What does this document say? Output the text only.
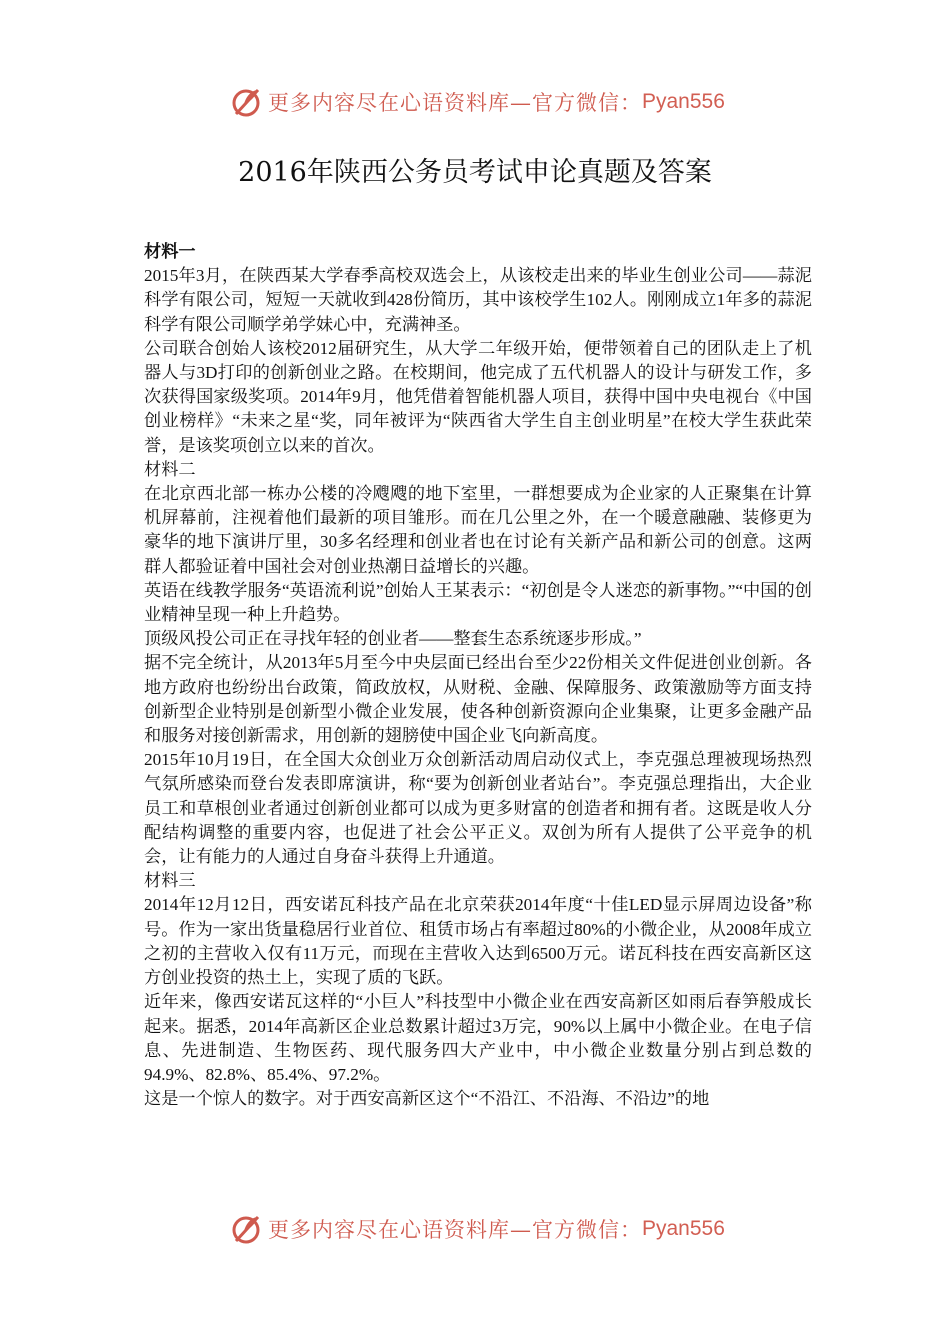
更多内容尽在心语资料库—官方微信： Pyan556
2016年陕西公务员考试申论真题及答案

材料一

2015年3月，在陕西某大学春季高校双选会上，从该校走出来的毕业生创业公司——蒜泥科学有限公司，短短一天就收到428份简历，其中该校学生102人。刚刚成立1年多的蒜泥科学有限公司顺学弟学妹心中，充满神圣。

公司联合创始人该校2012届研究生，从大学二年级开始，便带领着自己的团队走上了机器人与3D打印的创新创业之路。在校期间，他完成了五代机器人的设计与研发工作，多次获得国家级奖项。2014年9月，他凭借着智能机器人项目，获得中国中央电视台《中国创业榜样》“未来之星“奖，同年被评为“陕西省大学生自主创业明星”在校大学生获此荣誉，是该奖项创立以来的首次。

材料二

在北京西北部一栋办公楼的冷飕飕的地下室里，一群想要成为企业家的人正聚集在计算机屏幕前，注视着他们最新的项目雏形。而在几公里之外，在一个暖意融融、装修更为豪华的地下演讲厅里，30多名经理和创业者也在讨论有关新产品和新公司的创意。这两群人都验证着中国社会对创业热潮日益增长的兴趣。

英语在线教学服务“英语流利说”创始人王某表示：“初创是令人迷恋的新事物。”“中国的创业精神呈现一种上升趋势。

顶级风投公司正在寻找年轻的创业者——整套生态系统逐步形成。”

据不完全统计，从2013年5月至今中央层面已经出台至少22份相关文件促进创业创新。各地方政府也纷纷出台政策，简政放权，从财税、金融、保障服务、政策激励等方面支持创新型企业特别是创新型小微企业发展，使各种创新资源向企业集聚，让更多金融产品和服务对接创新需求，用创新的翅膀使中国企业飞向新高度。

2015年10月19日，在全国大众创业万众创新活动周启动仪式上，李克强总理被现场热烈气氛所感染而登台发表即席演讲，称“要为创新创业者站台”。李克强总理指出，大企业员工和草根创业者通过创新创业都可以成为更多财富的创造者和拥有者。这既是收人分配结构调整的重要内容，也促进了社会公平正义。双创为所有人提供了公平竞争的机会，让有能力的人通过自身奋斗获得上升通道。

材料三

2014年12月12日，西安诺瓦科技产品在北京荣获2014年度“十佳LED显示屏周边设备”称号。作为一家出货量稳居行业首位、租赁市场占有率超过80%的小微企业，从2008年成立之初的主营收入仅有11万元，而现在主营收入达到6500万元。诺瓦科技在西安高新区这方创业投资的热土上，实现了质的飞跃。

近年来，像西安诺瓦这样的“小巨人”科技型中小微企业在西安高新区如雨后春笋般成长起来。据悉，2014年高新区企业总数累计超过3万完，90%以上属中小微企业。在电子信息、先进制造、生物医药、现代服务四大产业中，中小微企业数量分别占到总数的94.9%、82.8%、85.4%、97.2%。

这是一个惊人的数字。对于西安高新区这个“不沿江、不沿海、不沿边”的地

更多内容尽在心语资料库—官方微信： Pyan556
